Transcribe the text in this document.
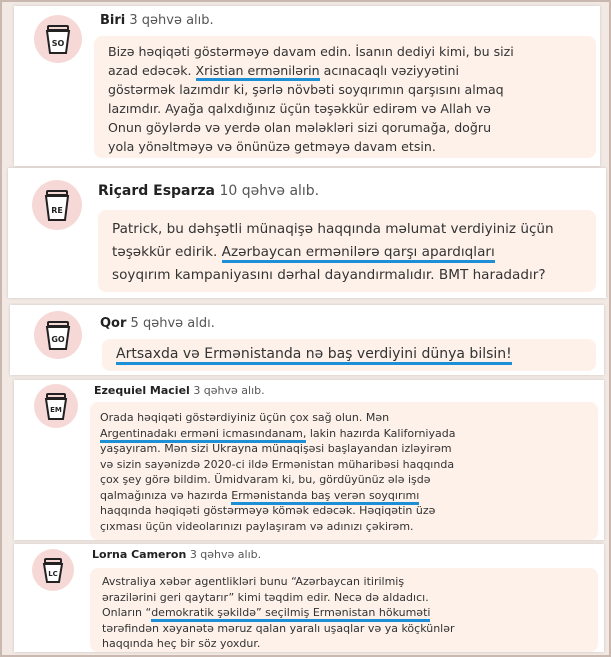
SO
Biri 3 qəhvə alıb.
Bizə həqiqəti göstərməyə davam edin. İsanın dediyi kimi, bu sizi
azad edəcək. Xristian ermənilərin acınacaqlı vəziyyətini
göstərmək lazımdır ki, şərlə növbəti soyqırımın qarşısını almaq
lazımdır. Ayağa qalxdığınız üçün təşəkkür edirəm və Allah və
Onun göylərdə və yerdə olan mələkləri sizi qorumağa, doğru
yola yönəltməyə və önünüzə getməyə davam etsin.
RE
Riçard Esparza 10 qəhvə alıb.
Patrick, bu dəhşətli münaqişə haqqında məlumat verdiyiniz üçün
təşəkkür edirik. Azərbaycan ermənilərə qarşı apardıqları
soyqırım kampaniyasını dərhal dayandırmalıdır. BMT haradadır?
GO
Qor 5 qəhvə aldı.
Artsaxda və Ermənistanda nə baş verdiyini dünya bilsin!
EM
Ezequiel Maciel 3 qəhvə alıb.
Orada həqiqəti göstərdiyiniz üçün çox sağ olun. Mən
Argentinadakı erməni icmasındanam, lakin hazırda Kaliforniyada
yaşayıram. Mən sizi Ukrayna münaqişəsi başlayandan izləyirəm
və sizin sayənizdə 2020-ci ildə Ermənistan müharibəsi haqqında
çox şey görə bildim. Ümidvaram ki, bu, gördüyünüz ələ işdə
qalmağınıza və hazırda Ermənistanda baş verən soyqırımı
haqqında həqiqəti göstərməyə kömək edəcək. Həqiqətin üzə
çıxması üçün videolarınızı paylaşıram və adınızı çəkirəm.

LC
Lorna Cameron 3 qəhvə alıb.
Avstraliya xəbər agentlikləri bunu “Azərbaycan itirilmiş
ərazilərini geri qaytarır” kimi təqdim edir. Necə də aldadıcı.
Onların “demokratik şəkildə” seçilmiş Ermənistan hökuməti
tərəfindən xəyanətə məruz qalan yaralı uşaqlar və ya köçkünlər
haqqında heç bir söz yoxdur.
